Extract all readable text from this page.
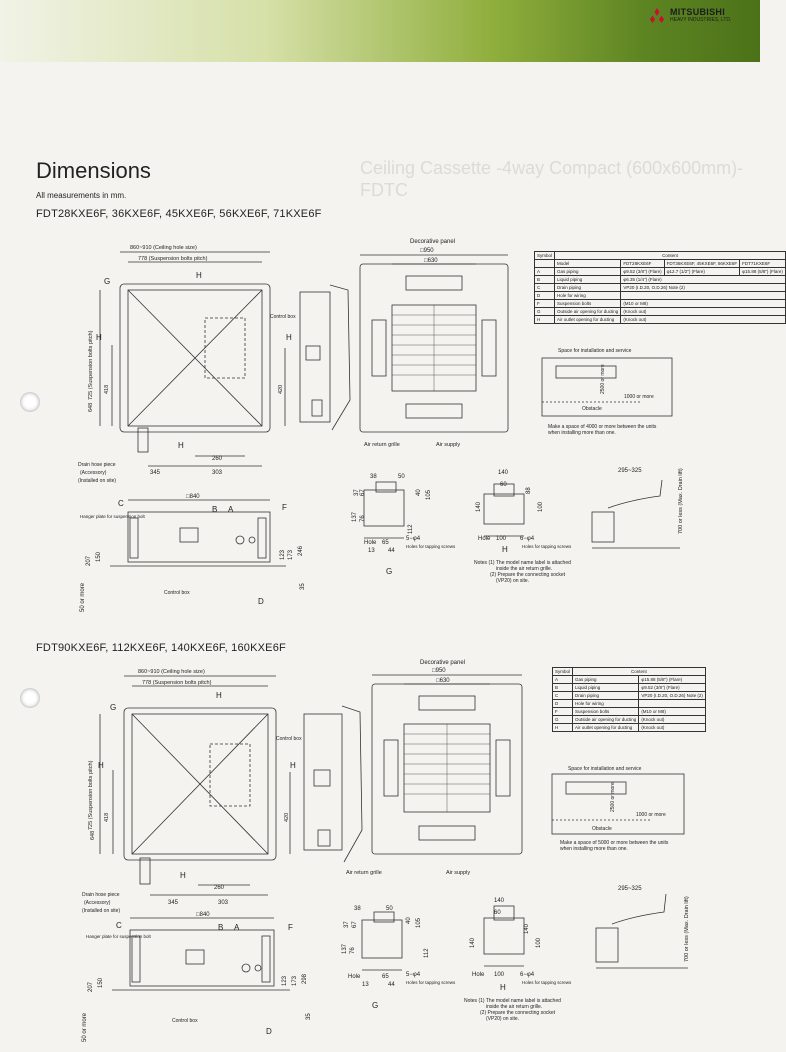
MITSUBISHI
HEAVY INDUSTRIES, LTD.
Ceiling Cassette -4way Compact (600x600mm)-
FDTC
Dimensions
All measurements in mm.
FDT28KXE6F, 36KXE6F, 45KXE6F, 56KXE6F, 71KXE6F
FDT90KXE6F, 112KXE6F, 140KXE6F, 160KXE6F
860~910 (Ceiling hole size)
778 (Suspension bolts pitch)
725 (Suspension bolts pitch)
648
418	420
345
260
303
Control box
G
H
H	H
H
Drain hose piece
(Accessory)
(Installed on site)
Decorative panel
□950
□630
Air return grille	Air supply
□840
C
B A	F
D
Hanger plate for suspension bolt
Control box
207 150
50 or more	35
123 173 246
38	50
37 67
76
137
40 105
112
Hole 65
13 44
5−φ4
Holes for tapping screws
G
140
60
88
100
140
Hole 100 6−φ4
Holes for tapping screws
H
295~325	700 or less (Max. Drain lift)
Space for installation and service
Obstacle
2500 or more
1000 or more
860~910 (Ceiling hole size)
778 (Suspension bolts pitch)
725 (Suspension bolts pitch)
648
418	420
345
260
303
Control box
G
H
H	H
H
Drain hose piece
(Accessory)
(Installed on site)
Decorative panel
□950
□630
Air return grille	Air supply
□840
C	B A	F
D
Hanger plate for suspension bolt
Control box
207 150
50 or more	35
123 173 298
38	50
37 67
76
137
40 105
112
Hole	65
13	44
5−φ4
Holes for tapping screws
G
140
60
140
100
140
Hole 100	6−φ4
Holes for tapping screws
H
295~325
700 or less (Max. Drain lift)
Space for installation and service
Obstacle
2500 or more
1000 or more
Symbol	Content			
	Model	FDT28KXE6F	FDT36KXE6F, 45KXE6F, 56KXE6F	FDT71KXE6F
A	Gas piping	φ9.52 (3/8") (Flare)	φ12.7 (1/2") (Flare)	φ15.88 (5/8") (Flare)
B	Liquid piping	φ6.35 (1/4") (Flare)		
C	Drain piping	VP20 (I.D.20, O.D.26) Note (2)		
D	Hole for wiring			
F	Suspension bolts	(M10 or M8)		
G	Outside air opening for ducting	(Knock out)		
H	Air outlet opening for ducting	(Knock out)		
Make a space of 4000 or more between the units when installing more than one.
Notes (1) The model name label is attached
inside the air return grille.
(2) Prepare the connecting socket
(VP20) on site.
Symbol	Content	
A	Gas piping	φ15.88 (5/8") (Flare)
B	Liquid piping	φ9.52 (3/8") (Flare)
C	Drain piping	VP20 (I.D.20, O.D.26) Note (2)
D	Hole for wiring	
F	Suspension bolts	(M10 or M8)
G	Outside air opening for ducting	(Knock out)
H	Air outlet opening for ducting	(Knock out)
Make a space of 5000 or more between the units when installing more than one.
Notes (1) The model name label is attached
inside the air return grille.
(2) Prepare the connecting socket
(VP20) on site.
